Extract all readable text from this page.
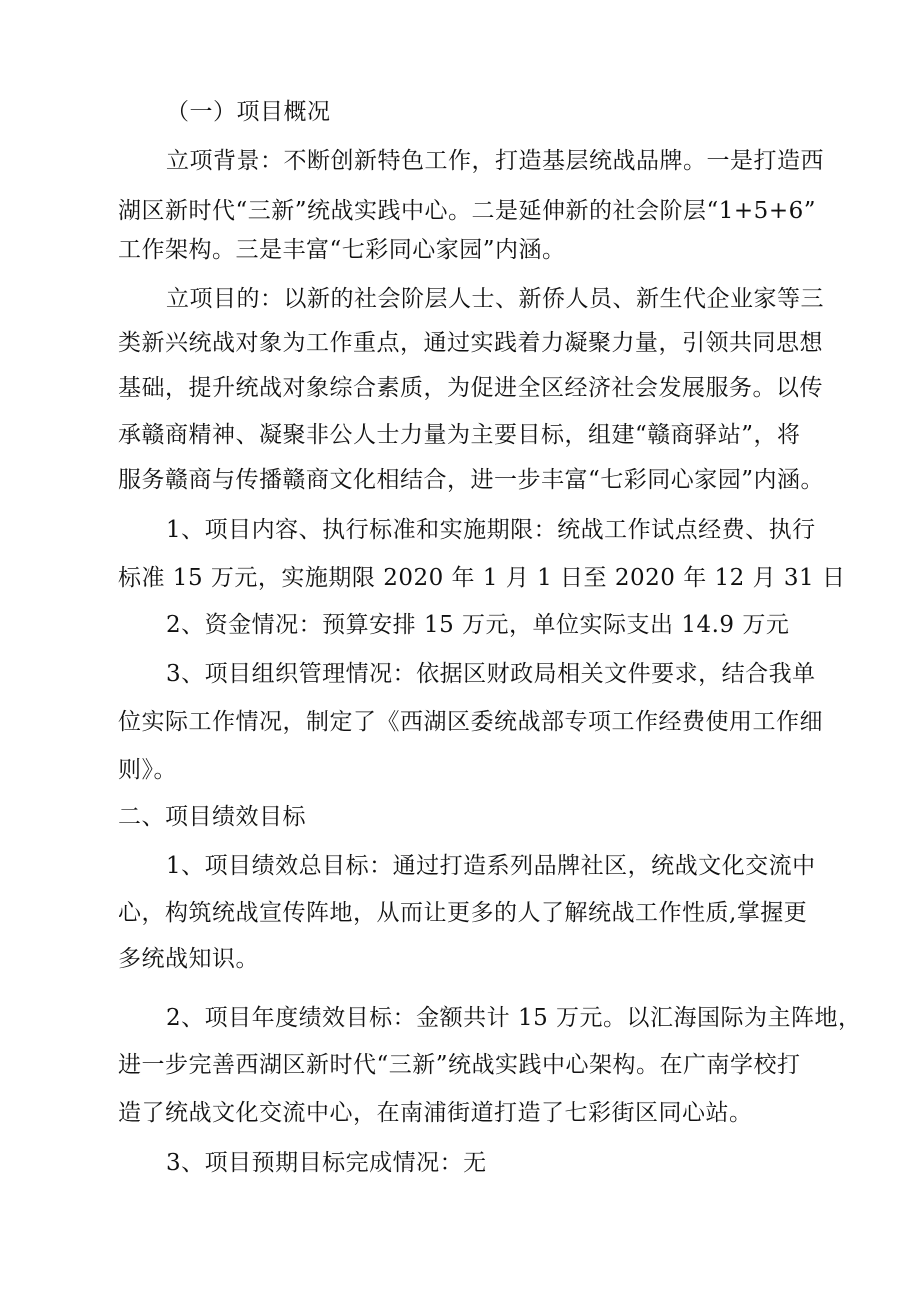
（一）项目概况
立项背景：不断创新特色工作，打造基层统战品牌。一是打造西
湖区新时代“三新”统战实践中心。二是延伸新的社会阶层“1+5+6”
工作架构。三是丰富“七彩同心家园”内涵。
立项目的：以新的社会阶层人士、新侨人员、新生代企业家等三
类新兴统战对象为工作重点，通过实践着力凝聚力量，引领共同思想
基础，提升统战对象综合素质，为促进全区经济社会发展服务。以传
承赣商精神、凝聚非公人士力量为主要目标，组建“赣商驿站”，将
服务赣商与传播赣商文化相结合，进一步丰富“七彩同心家园”内涵。
1、项目内容、执行标准和实施期限：统战工作试点经费、执行
标准 15 万元，实施期限 2020 年 1 月 1 日至 2020 年 12 月 31 日
2、资金情况：预算安排 15 万元，单位实际支出 14.9 万元
3、项目组织管理情况：依据区财政局相关文件要求，结合我单
位实际工作情况，制定了《西湖区委统战部专项工作经费使用工作细
则》。
二、项目绩效目标
1、项目绩效总目标：通过打造系列品牌社区，统战文化交流中
心，构筑统战宣传阵地，从而让更多的人了解统战工作性质,掌握更
多统战知识。
2、项目年度绩效目标：金额共计 15 万元。以汇海国际为主阵地，
进一步完善西湖区新时代“三新”统战实践中心架构。在广南学校打
造了统战文化交流中心，在南浦街道打造了七彩街区同心站。
3、项目预期目标完成情况：无
